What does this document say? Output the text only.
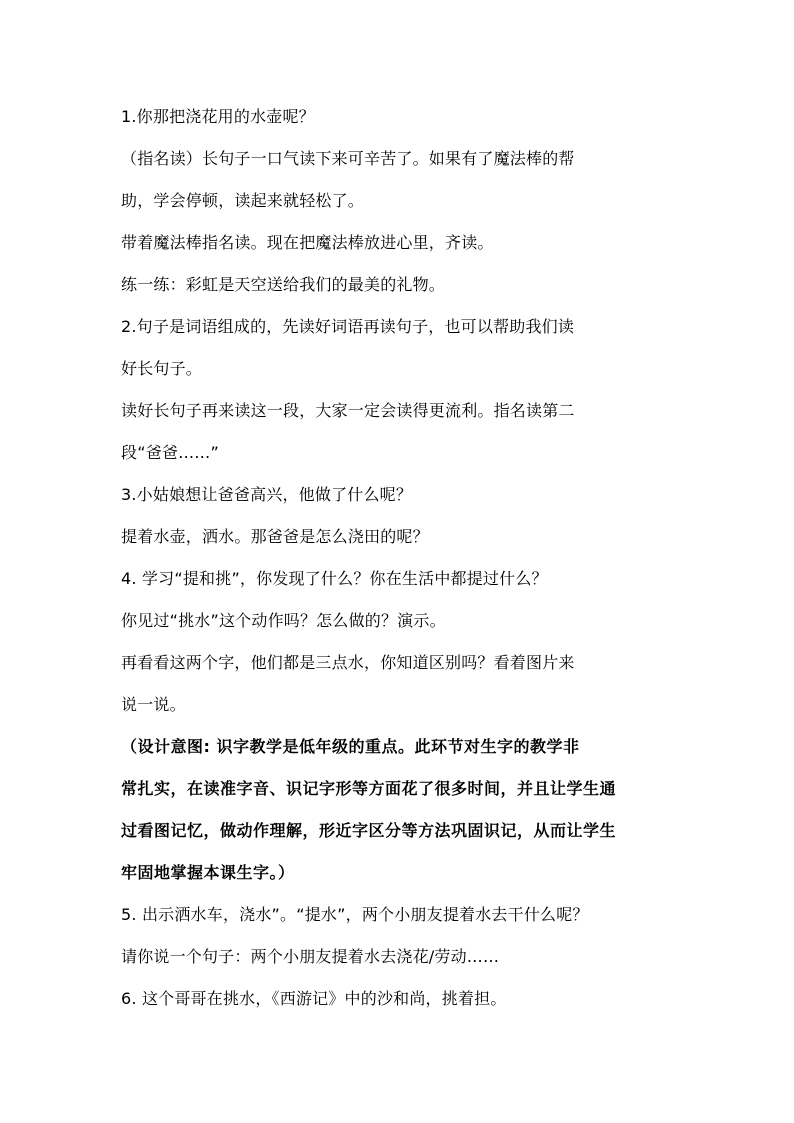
1.你那把浇花用的水壶呢？
（指名读）长句子一口气读下来可辛苦了。如果有了魔法棒的帮
助，学会停顿，读起来就轻松了。
带着魔法棒指名读。现在把魔法棒放进心里，齐读。
练一练：彩虹是天空送给我们的最美的礼物。
2.句子是词语组成的，先读好词语再读句子，也可以帮助我们读
好长句子。
读好长句子再来读这一段，大家一定会读得更流利。指名读第二
段“爸爸……”
3.小姑娘想让爸爸高兴，他做了什么呢？
提着水壶，洒水。那爸爸是怎么浇田的呢？
4. 学习“提和挑”，你发现了什么？你在生活中都提过什么？
你见过“挑水”这个动作吗？怎么做的？演示。
再看看这两个字，他们都是三点水，你知道区别吗？看着图片来
说一说。
（设计意图: 识字教学是低年级的重点。此环节对生字的教学非
常扎实，在读准字音、识记字形等方面花了很多时间，并且让学生通
过看图记忆，做动作理解，形近字区分等方法巩固识记，从而让学生
牢固地掌握本课生字。）
5. 出示洒水车，浇水”。“提水”，两个小朋友提着水去干什么呢？
请你说一个句子：两个小朋友提着水去浇花/劳动……
6. 这个哥哥在挑水，《西游记》中的沙和尚，挑着担。
